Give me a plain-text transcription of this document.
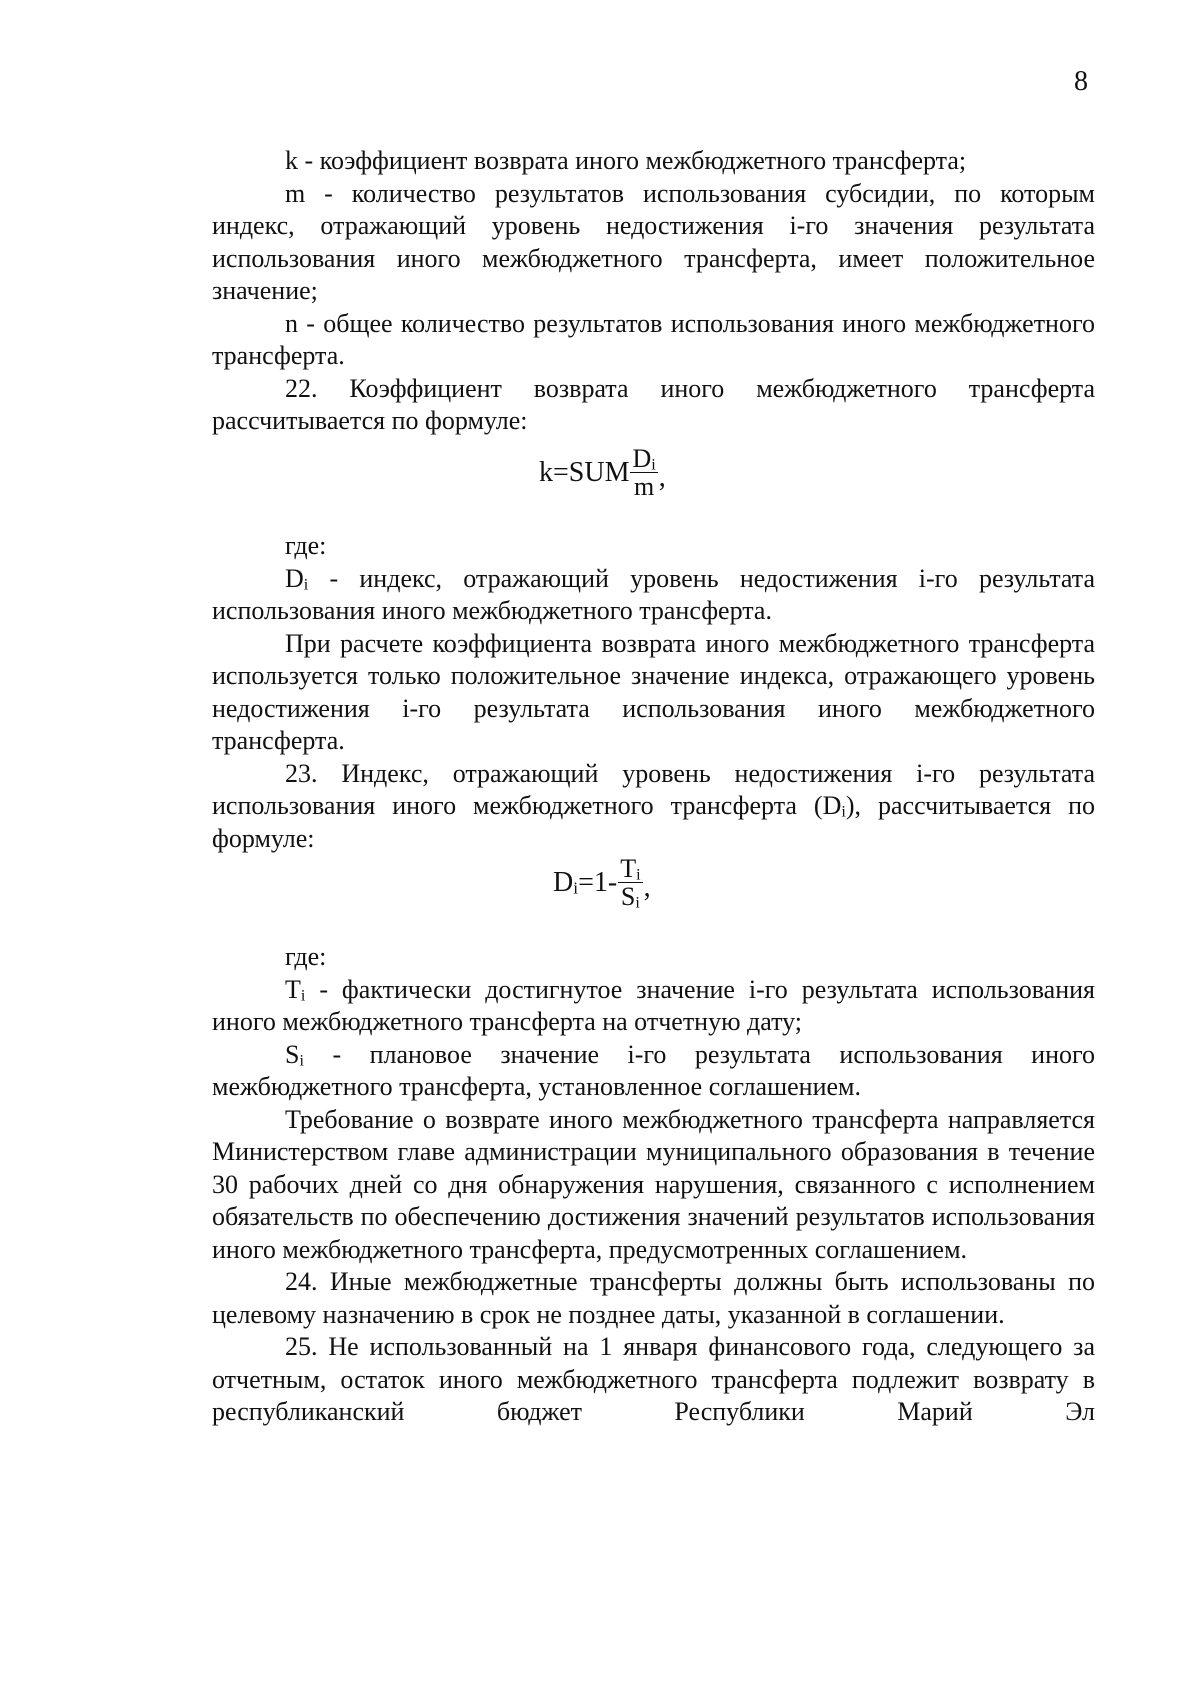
8

k - коэффициент возврата иного межбюджетного трансферта;

m - количество результатов использования субсидии, по которым индекс, отражающий уровень недостижения i-го значения результата использования иного межбюджетного трансферта, имеет положительное значение;

n - общее количество результатов использования иного межбюджетного трансферта.

22. Коэффициент возврата иного межбюджетного трансферта рассчитывается по формуле:

$k=SUM \frac{D_i}{m}$ ,

где:

$D_i$ - индекс, отражающий уровень недостижения i-го результата использования иного межбюджетного трансферта.

При расчете коэффициента возврата иного межбюджетного трансферта используется только положительное значение индекса, отражающего уровень недостижения i-го результата использования иного межбюджетного трансферта.

23. Индекс, отражающий уровень недостижения i-го результата использования иного межбюджетного трансферта $(D_i)$, рассчитывается по формуле:

$D_i =1- \frac{T_i}{S_i}$ ,

где:

$T_i$ - фактически достигнутое значение i-го результата использования иного межбюджетного трансферта на отчетную дату;

$S_i$ - плановое значение i-го результата использования иного межбюджетного трансферта, установленное соглашением.

Требование о возврате иного межбюджетного трансферта направляется Министерством главе администрации муниципального образования в течение 30 рабочих дней со дня обнаружения нарушения, связанного с исполнением обязательств по обеспечению достижения значений результатов использования иного межбюджетного трансферта, предусмотренных соглашением.

24. Иные межбюджетные трансферты должны быть использованы по целевому назначению в срок не позднее даты, указанной в соглашении.

25. Не использованный на 1 января финансового года, следующего за отчетным, остаток иного межбюджетного трансферта подлежит возврату в республиканский бюджет Республики Марий Эл
